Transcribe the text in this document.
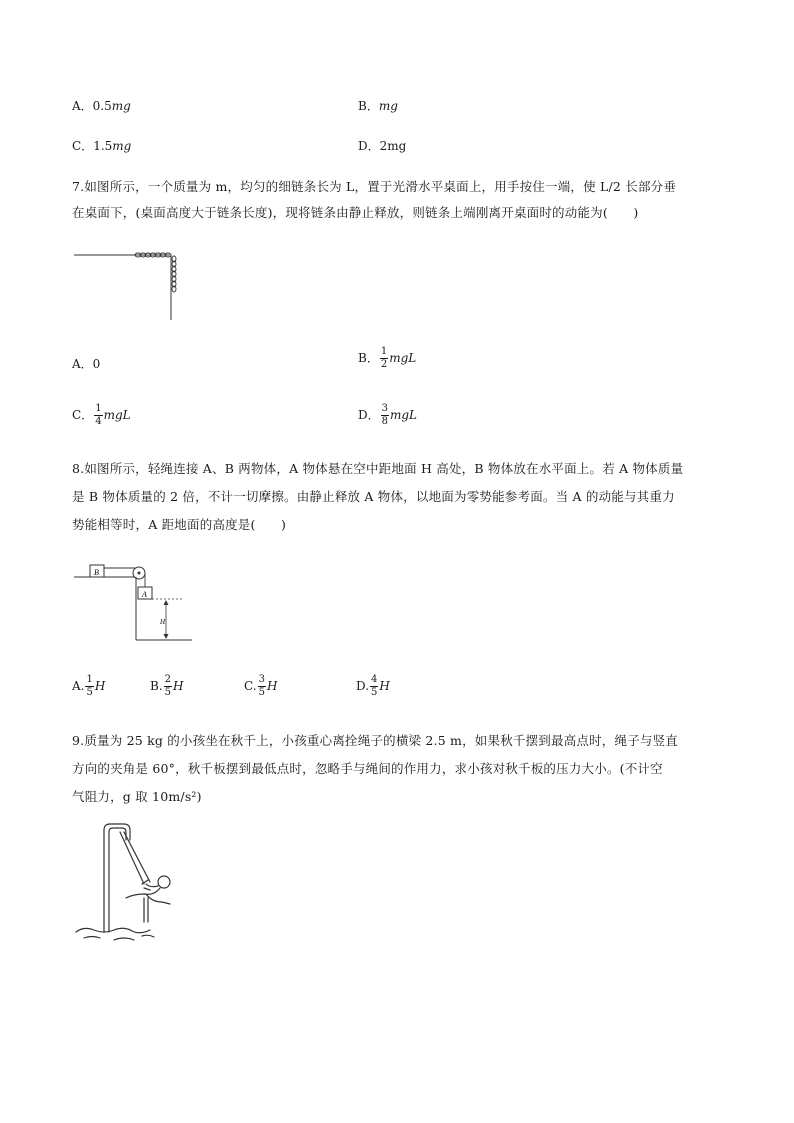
A．0.5mg	B．mg
C．1.5mg	D．2mg
7.如图所示，一个质量为 m，均匀的细链条长为 L，置于光滑水平桌面上，用手按住一端，使 L/2 长部分垂
在桌面下，(桌面高度大于链条长度)，现将链条由静止释放，则链条上端刚离开桌面时的动能为(　　)
A．0	B． $\frac{1}{2}$ mgL
C． $\frac{1}{4}$ mgL	D． $\frac{3}{8}$ mgL
8.如图所示，轻绳连接 A、B 两物体，A 物体悬在空中距地面 H 高处，B 物体放在水平面上。若 A 物体质量
是 B 物体质量的 2 倍，不计一切摩擦。由静止释放 A 物体，以地面为零势能参考面。当 A 的动能与其重力
势能相等时，A 距地面的高度是(　　)
B
A
H
A. $\frac{1}{5}$ H	B. $\frac{2}{5}$ H	C. $\frac{3}{5}$ H	D. $\frac{4}{5}$ H
9.质量为 25 kg 的小孩坐在秋千上，小孩重心离拴绳子的横梁 2.5 m，如果秋千摆到最高点时，绳子与竖直
方向的夹角是 60°，秋千板摆到最低点时，忽略手与绳间的作用力，求小孩对秋千板的压力大小。(不计空
气阻力，g 取 10m/s²)
